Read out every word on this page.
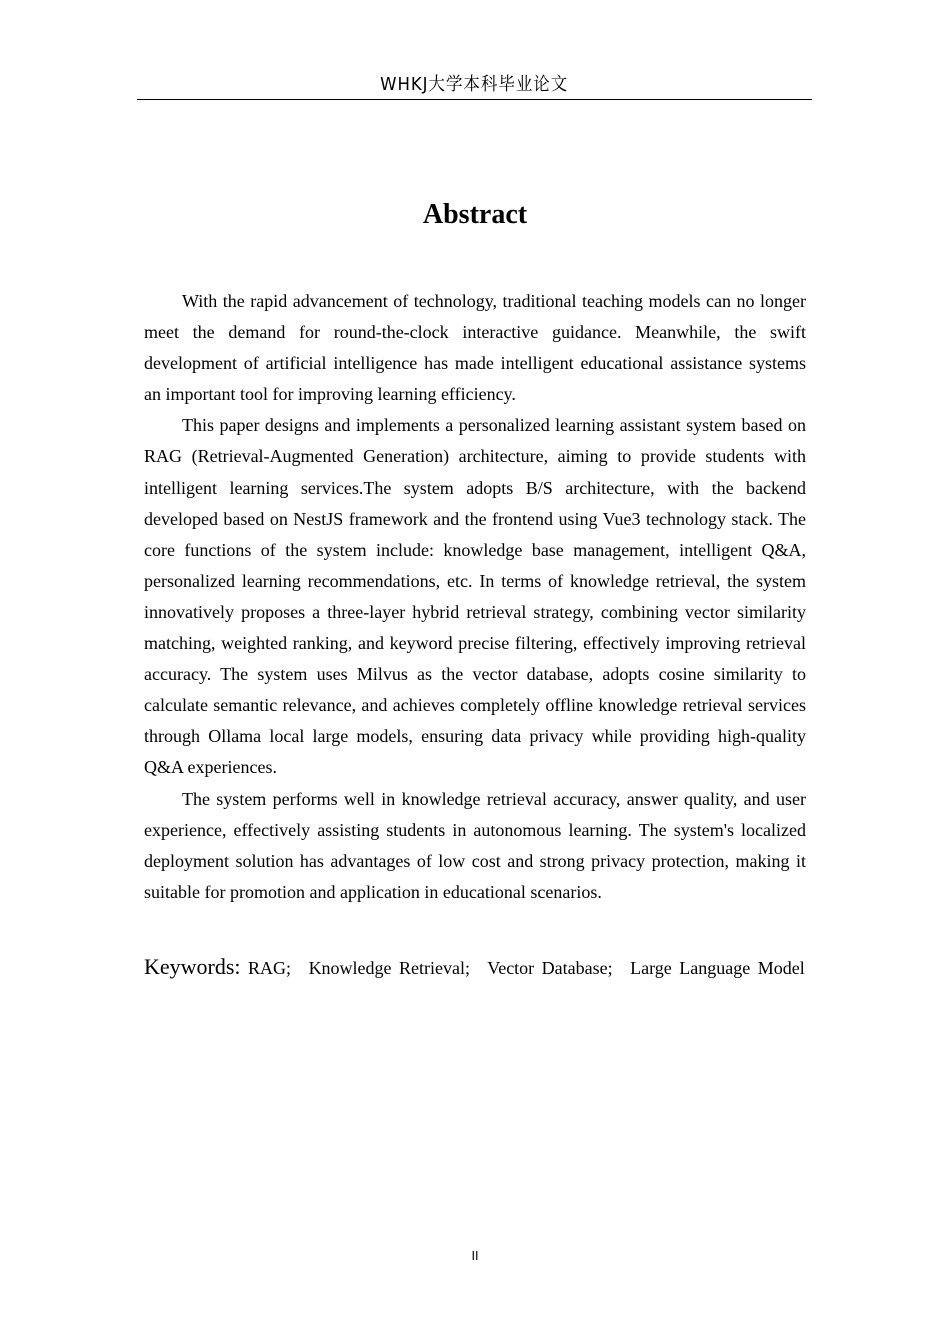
WHKJ大学本科毕业论文
Abstract

With the rapid advancement of technology, traditional teaching models can no longer meet the demand for round-the-clock interactive guidance. Meanwhile, the swift development of artificial intelligence has made intelligent educational assistance systems an important tool for improving learning efficiency.

This paper designs and implements a personalized learning assistant system based on RAG (Retrieval-Augmented Generation) architecture, aiming to provide students with intelligent learning services.The system adopts B/S architecture, with the backend developed based on NestJS framework and the frontend using Vue3 technology stack. The core functions of the system include: knowledge base management, intelligent Q&A, personalized learning recommendations, etc. In terms of knowledge retrieval, the system innovatively proposes a three-layer hybrid retrieval strategy, combining vector similarity matching, weighted ranking, and keyword precise filtering, effectively improving retrieval accuracy. The system uses Milvus as the vector database, adopts cosine similarity to calculate semantic relevance, and achieves completely offline knowledge retrieval services through Ollama local large models, ensuring data privacy while providing high-quality Q&A experiences.

The system performs well in knowledge retrieval accuracy, answer quality, and user experience, effectively assisting students in autonomous learning. The system's localized deployment solution has advantages of low cost and strong privacy protection, making it suitable for promotion and application in educational scenarios.

Keywords: RAG; Knowledge Retrieval; Vector Database; Large Language Model
II
